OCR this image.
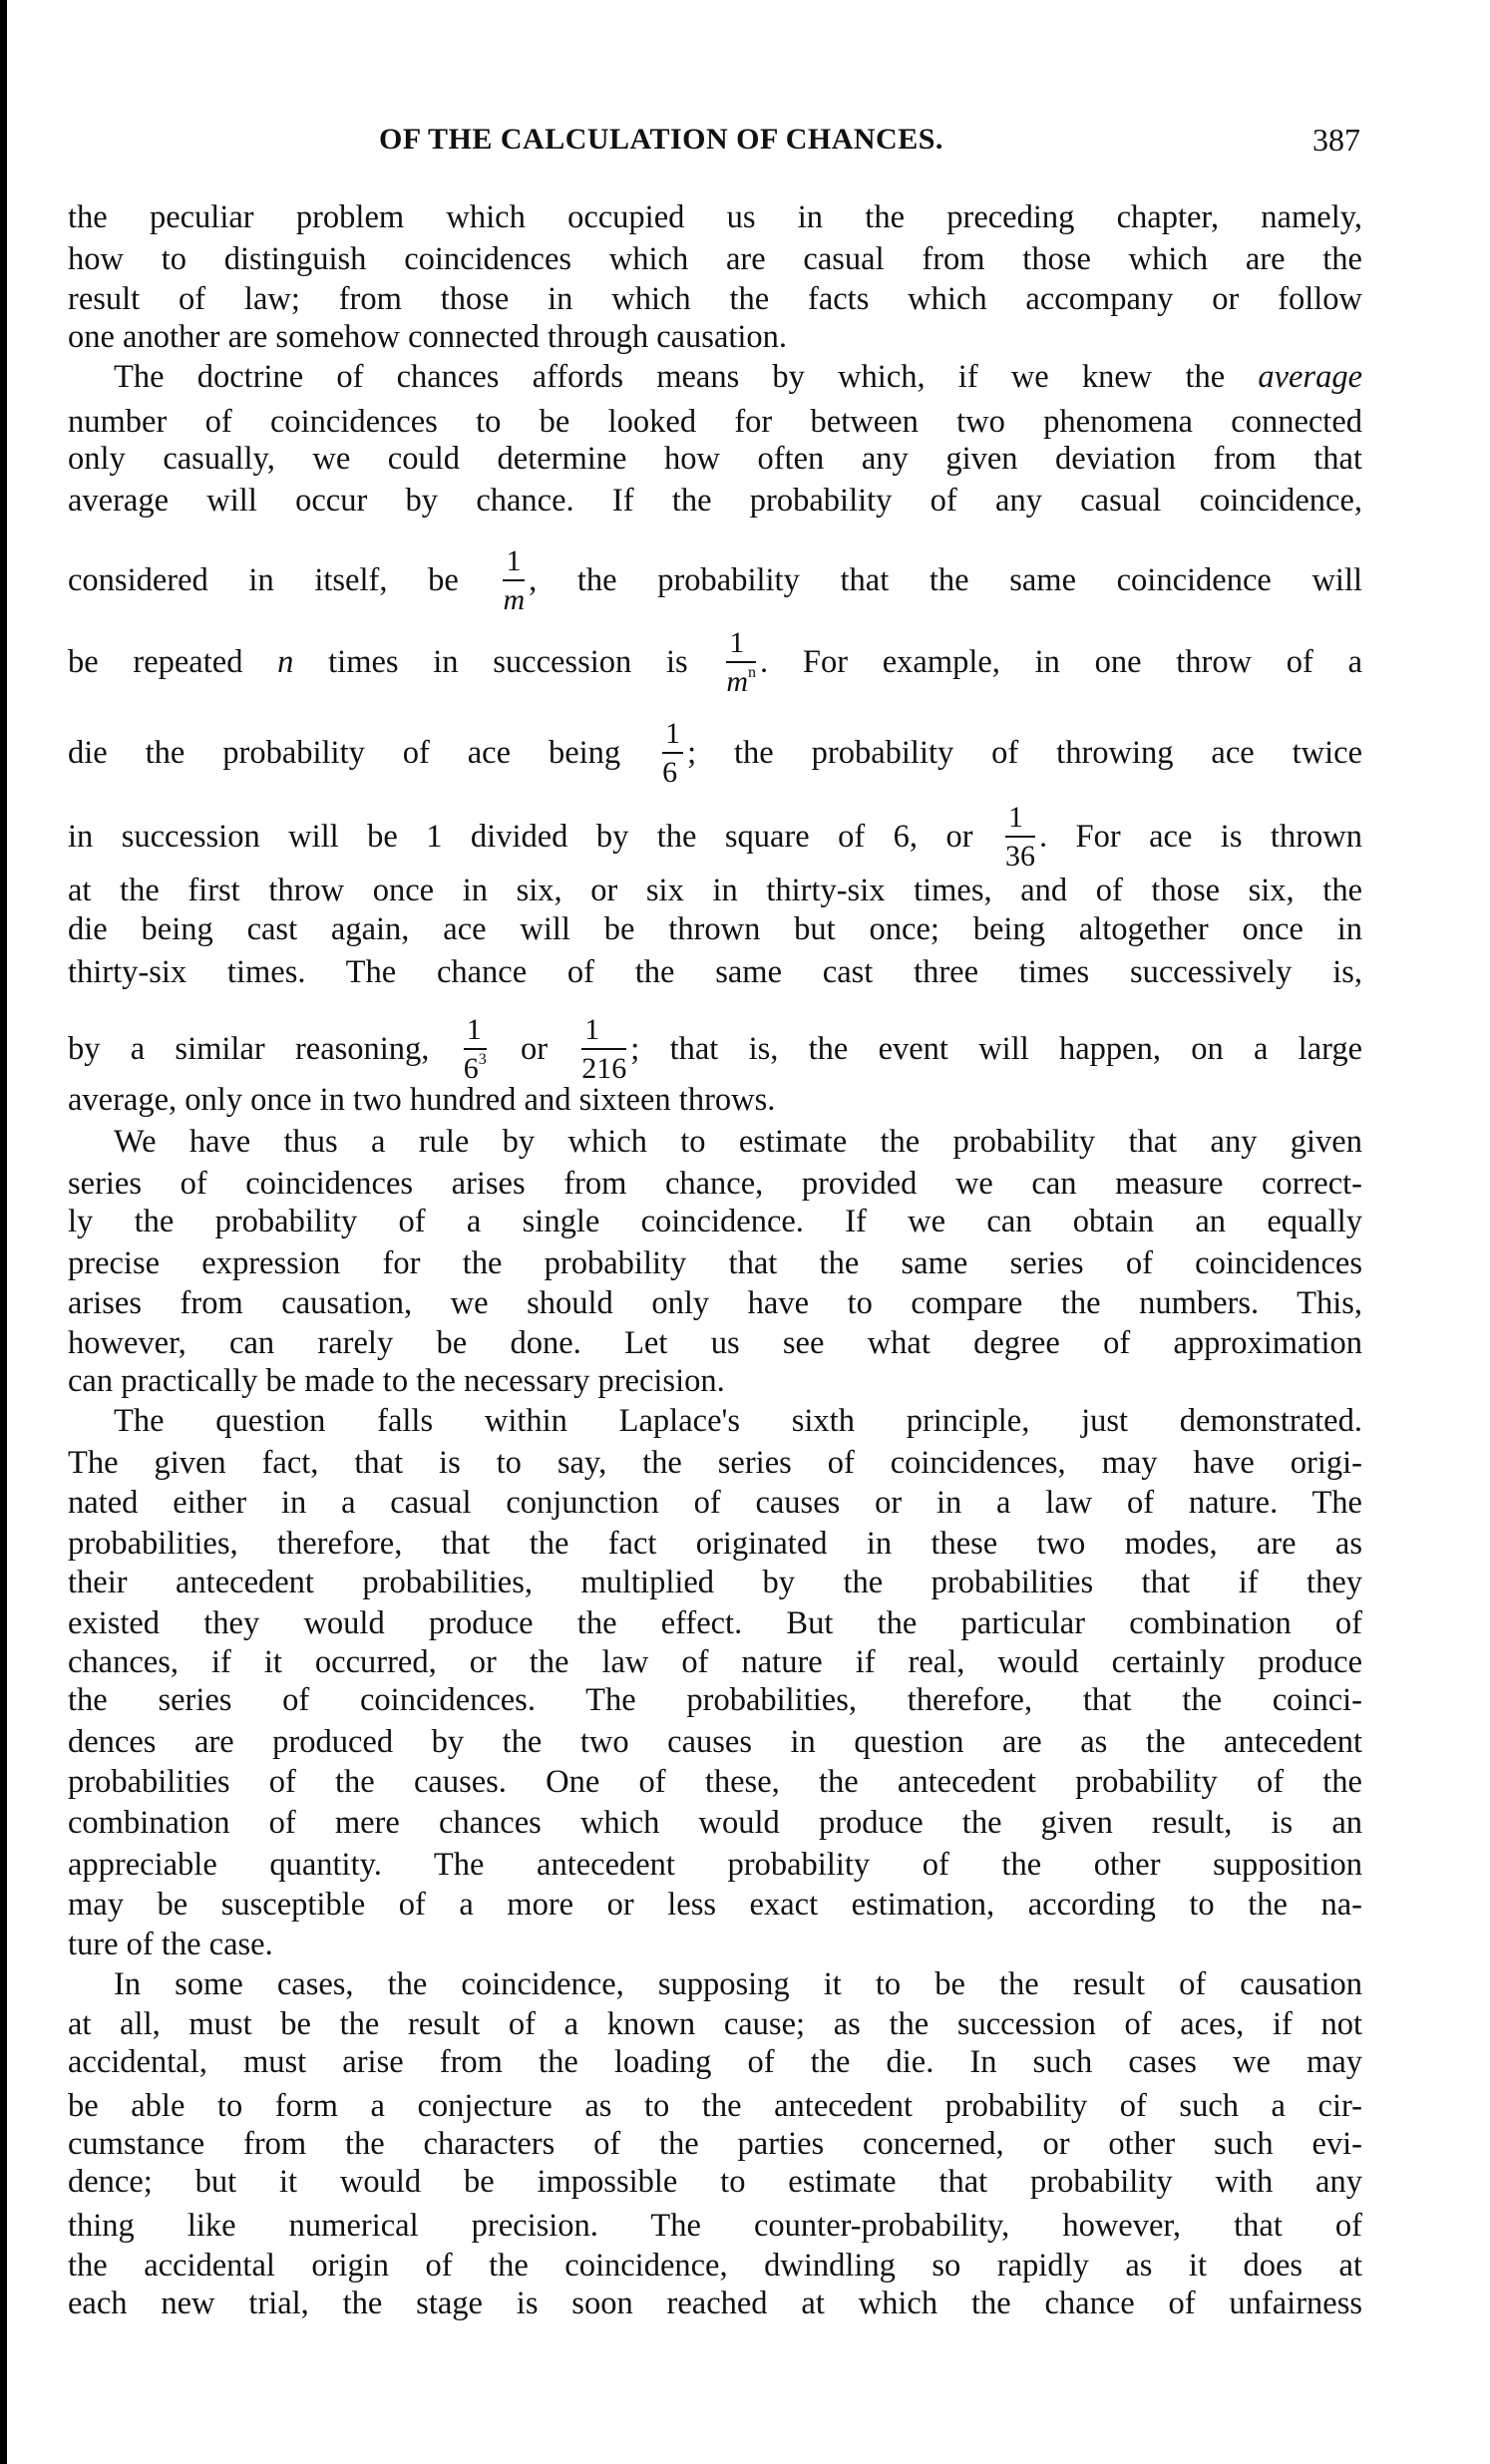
OF THE CALCULATION OF CHANCES.	387
the peculiar problem which occupied us in the preceding chapter, namely,
how to distinguish coincidences which are casual from those which are the
result of law; from those in which the facts which accompany or follow
one another are somehow connected through causation.
The doctrine of chances affords means by which, if we knew the average
number of coincidences to be looked for between two phenomena connected
only casually, we could determine how often any given deviation from that
average will occur by chance. If the probability of any casual coincidence,
considered in itself, be $\frac{1}{m}$ , the probability that the same coincidence will
be repeated n times in succession is $\frac{1}{m^n}$ . For example, in one throw of a
die the probability of ace being $\frac{1}{6}$ ; the probability of throwing ace twice
in succession will be 1 divided by the square of 6, or $\frac{1}{36}$ . For ace is thrown
at the first throw once in six, or six in thirty-six times, and of those six, the
die being cast again, ace will be thrown but once; being altogether once in
thirty-six times. The chance of the same cast three times successively is,
by a similar reasoning, $\frac{1}{6^3}$ or $\frac{1}{216}$ ; that is, the event will happen, on a large
average, only once in two hundred and sixteen throws.
We have thus a rule by which to estimate the probability that any given
series of coincidences arises from chance, provided we can measure correct-
ly the probability of a single coincidence. If we can obtain an equally
precise expression for the probability that the same series of coincidences
arises from causation, we should only have to compare the numbers. This,
however, can rarely be done. Let us see what degree of approximation
can practically be made to the necessary precision.
The question falls within Laplace's sixth principle, just demonstrated.
The given fact, that is to say, the series of coincidences, may have origi-
nated either in a casual conjunction of causes or in a law of nature. The
probabilities, therefore, that the fact originated in these two modes, are as
their antecedent probabilities, multiplied by the probabilities that if they
existed they would produce the effect. But the particular combination of
chances, if it occurred, or the law of nature if real, would certainly produce
the series of coincidences. The probabilities, therefore, that the coinci-
dences are produced by the two causes in question are as the antecedent
probabilities of the causes. One of these, the antecedent probability of the
combination of mere chances which would produce the given result, is an
appreciable quantity. The antecedent probability of the other supposition
may be susceptible of a more or less exact estimation, according to the na-
ture of the case.
In some cases, the coincidence, supposing it to be the result of causation
at all, must be the result of a known cause; as the succession of aces, if not
accidental, must arise from the loading of the die. In such cases we may
be able to form a conjecture as to the antecedent probability of such a cir-
cumstance from the characters of the parties concerned, or other such evi-
dence; but it would be impossible to estimate that probability with any
thing like numerical precision. The counter-probability, however, that of
the accidental origin of the coincidence, dwindling so rapidly as it does at
each new trial, the stage is soon reached at which the chance of unfairness
